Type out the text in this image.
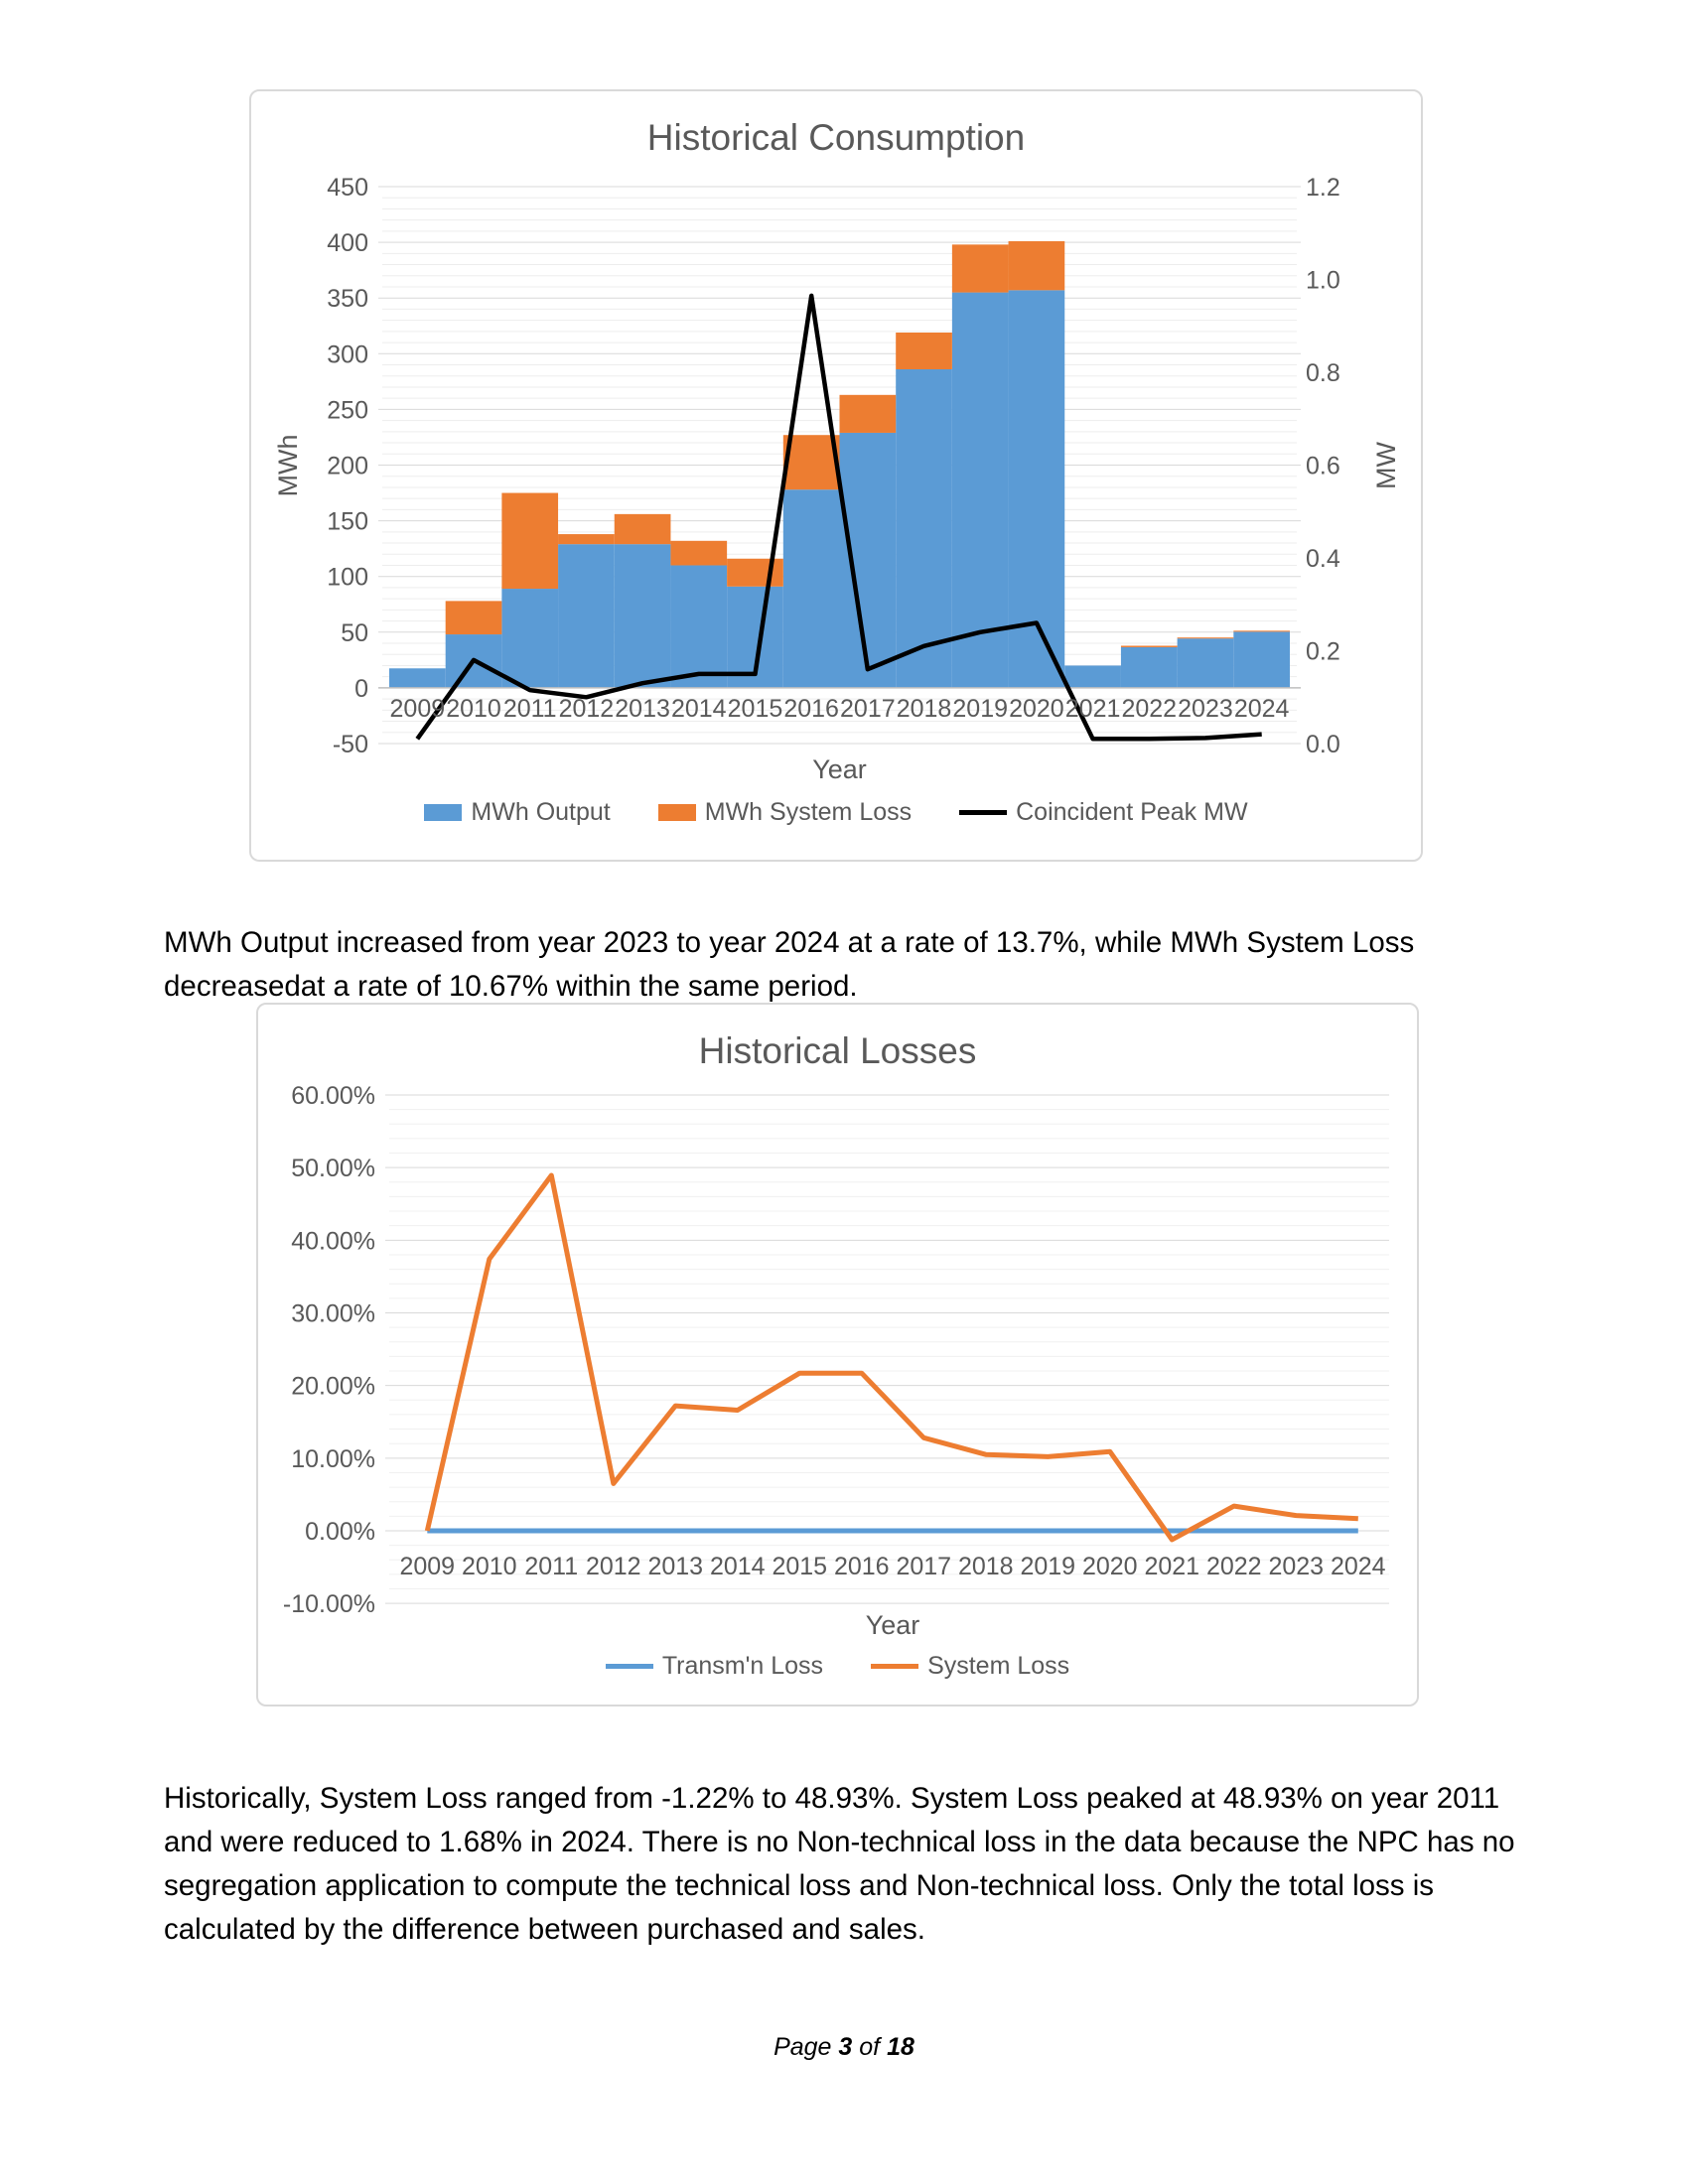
450
400
350
300
250
200
150
100
50
0
-50
1.2
1.0
0.8
0.6
0.4
0.2
0.0
2009 2010 2011 2012 2013 2014 2015 2016 2017 2018 2019 2020 2021 2022 2023 2024
Year
MWh	MW
Historical Consumption
MWh Output	MWh System Loss	Coincident Peak MW

MWh Output increased from year 2023 to year 2024 at a rate of 13.7%, while MWh System Loss decreasedat a rate of 10.67% within the same period.

60.00%
50.00%
40.00%
30.00%
20.00%
10.00%
0.00%
-10.00%
2009 2010 2011 2012 2013 2014 2015 2016 2017 2018 2019 2020 2021 2022 2023 2024
Year
Historical Losses
Transm'n Loss	System Loss

Historically, System Loss ranged from -1.22% to 48.93%. System Loss peaked at 48.93% on year 2011 and were reduced to 1.68% in 2024. There is no Non-technical loss in the data because the NPC has no segregation application to compute the technical loss and Non-technical loss. Only the total loss is calculated by the difference between purchased and sales.

Page 3 of 18
